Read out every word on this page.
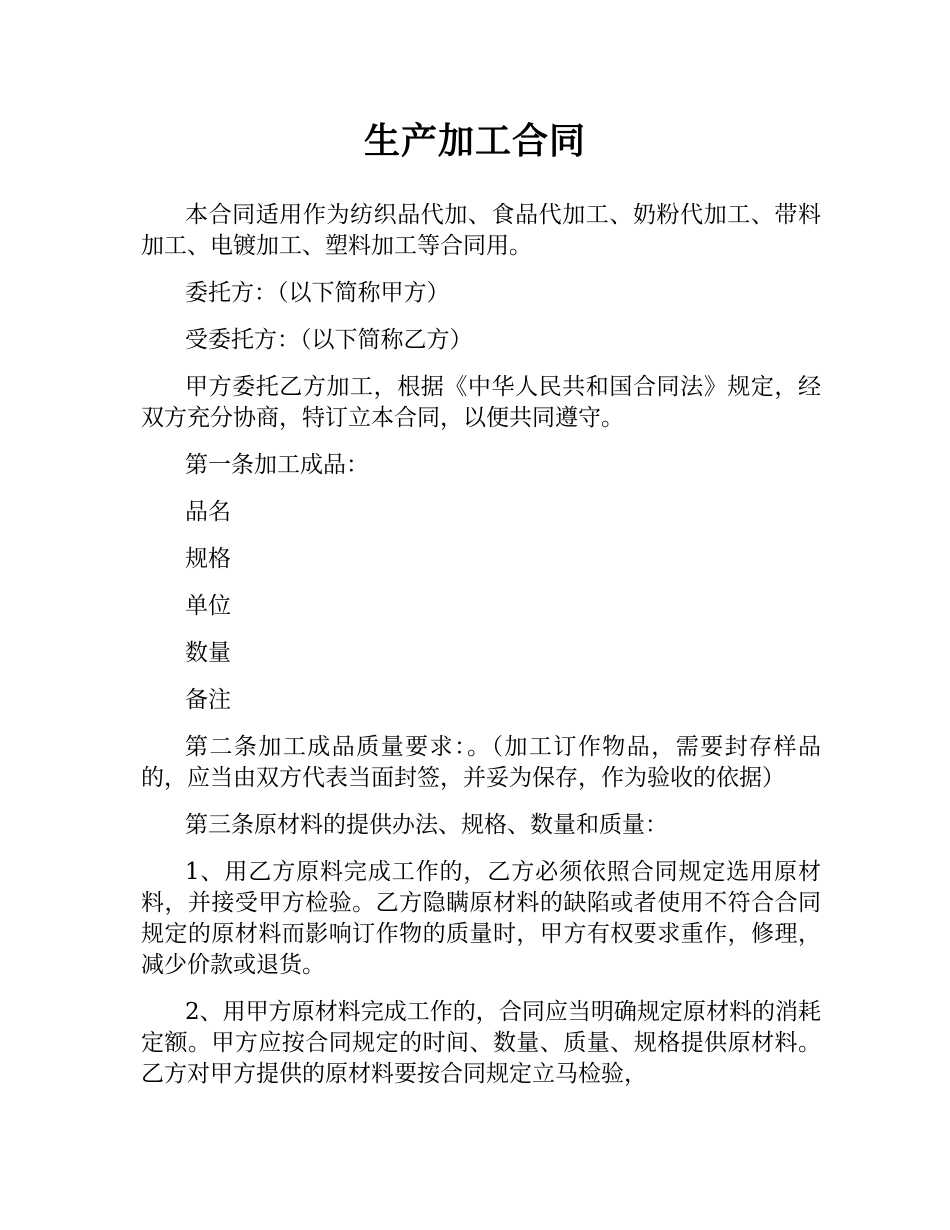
生产加工合同

本合同适用作为纺织品代加、食品代加工、奶粉代加工、带料加工、电镀加工、塑料加工等合同用。

委托方：（以下简称甲方）

受委托方：（以下简称乙方）

甲方委托乙方加工，根据《中华人民共和国合同法》规定，经双方充分协商，特订立本合同，以便共同遵守。

第一条加工成品：

品名

规格

单位

数量

备注

第二条加工成品质量要求：。（加工订作物品，需要封存样品的，应当由双方代表当面封签，并妥为保存，作为验收的依据）

第三条原材料的提供办法、规格、数量和质量：

1、用乙方原料完成工作的，乙方必须依照合同规定选用原材料，并接受甲方检验。乙方隐瞒原材料的缺陷或者使用不符合合同规定的原材料而影响订作物的质量时，甲方有权要求重作，修理，减少价款或退货。

2、用甲方原材料完成工作的，合同应当明确规定原材料的消耗定额。甲方应按合同规定的时间、数量、质量、规格提供原材料。乙方对甲方提供的原材料要按合同规定立马检验，
